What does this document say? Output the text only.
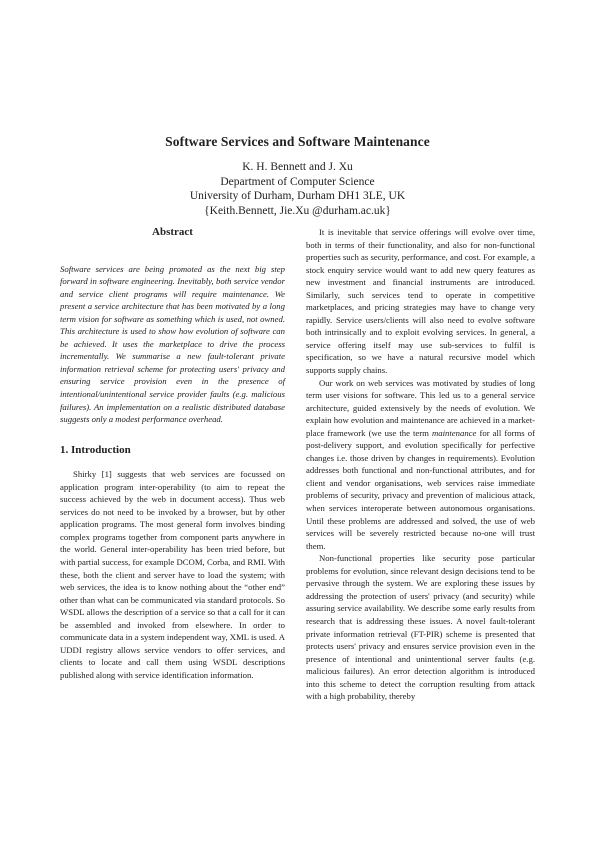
Software Services and Software Maintenance
K. H. Bennett and J. Xu
Department of Computer Science
University of Durham, Durham DH1 3LE, UK
{Keith.Bennett, Jie.Xu @durham.ac.uk}
Abstract

Software services are being promoted as the next big step forward in software engineering. Inevitably, both service vendor and service client programs will require maintenance. We present a service architecture that has been motivated by a long term vision for software as something which is used, not owned. This architecture is used to show how evolution of software can be achieved. It uses the marketplace to drive the process incrementally. We summarise a new fault-tolerant private information retrieval scheme for protecting users' privacy and ensuring service provision even in the presence of intentional/unintentional service provider faults (e.g. malicious failures). An implementation on a realistic distributed database suggests only a modest performance overhead.

1. Introduction

Shirky [1] suggests that web services are focussed on application program inter-operability (to aim to repeat the success achieved by the web in document access). Thus web services do not need to be invoked by a browser, but by other application programs. The most general form involves binding complex programs together from component parts anywhere in the world. General inter-operability has been tried before, but with partial success, for example DCOM, Corba, and RMI. With these, both the client and server have to load the system; with web services, the idea is to know nothing about the “other end” other than what can be communicated via standard protocols. So WSDL allows the description of a service so that a call for it can be assembled and invoked from elsewhere. In order to communicate data in a system independent way, XML is used. A UDDI registry allows service vendors to offer services, and clients to locate and call them using WSDL descriptions published along with service identification information.

It is inevitable that service offerings will evolve over time, both in terms of their functionality, and also for non-functional properties such as security, performance, and cost. For example, a stock enquiry service would want to add new query features as new investment and financial instruments are introduced. Similarly, such services tend to operate in competitive marketplaces, and pricing strategies may have to change very rapidly. Service users/clients will also need to evolve software both intrinsically and to exploit evolving services. In general, a service offering itself may use sub-services to fulfil is specification, so we have a natural recursive model which supports supply chains.

Our work on web services was motivated by studies of long term user visions for software. This led us to a general service architecture, guided extensively by the needs of evolution. We explain how evolution and maintenance are achieved in a market-place framework (we use the term maintenance for all forms of post-delivery support, and evolution specifically for perfective changes i.e. those driven by changes in requirements). Evolution addresses both functional and non-functional attributes, and for client and vendor organisations, web services raise immediate problems of security, privacy and prevention of malicious attack, when services interoperate between autonomous organisations. Until these problems are addressed and solved, the use of web services will be severely restricted because no-one will trust them.

Non-functional properties like security pose particular problems for evolution, since relevant design decisions tend to be pervasive through the system. We are exploring these issues by addressing the protection of users' privacy (and security) while assuring service availability. We describe some early results from research that is addressing these issues. A novel fault-tolerant private information retrieval (FT-PIR) scheme is presented that protects users' privacy and ensures service provision even in the presence of intentional and unintentional server faults (e.g. malicious failures). An error detection algorithm is introduced into this scheme to detect the corruption resulting from attack with a high probability, thereby
